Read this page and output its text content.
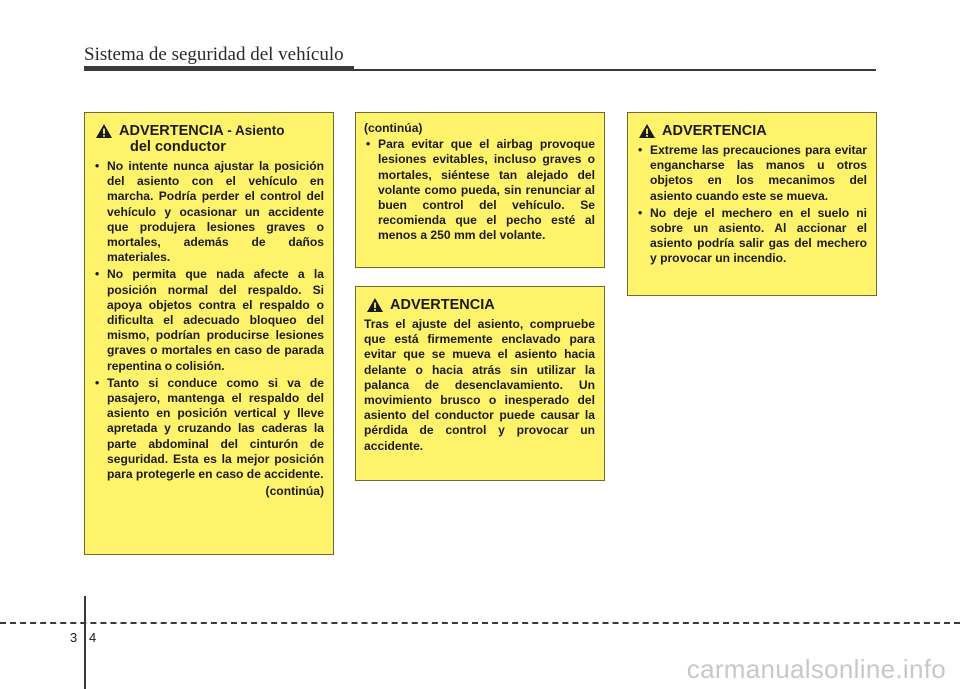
Sistema de seguridad del vehículo
ADVERTENCIA - Asiento
del conductor
• No intente nunca ajustar la posición del asiento con el vehículo en marcha. Podría perder el control del vehículo y ocasionar un accidente que produjera lesiones graves o mortales, además de daños materiales.
• No permita que nada afecte a la posición normal del respaldo. Si apoya objetos contra el respaldo o dificulta el adecuado bloqueo del mismo, podrían producirse lesiones graves o mortales en caso de parada repentina o colisión.
• Tanto si conduce como si va de pasajero, mantenga el respaldo del asiento en posición vertical y lleve apretada y cruzando las caderas la parte abdominal del cinturón de seguridad. Esta es la mejor posición para protegerle en caso de accidente.
(continúa)
(continúa)
• Para evitar que el airbag provoque lesiones evitables, incluso graves o mortales, siéntese tan alejado del volante como pueda, sin renunciar al buen control del vehículo. Se recomienda que el pecho esté al menos a 250 mm del volante.
ADVERTENCIA
Tras el ajuste del asiento, compruebe que está firmemente enclavado para evitar que se mueva el asiento hacia delante o hacia atrás sin utilizar la palanca de desenclavamiento. Un movimiento brusco o inesperado del asiento del conductor puede causar la pérdida de control y provocar un accidente.
ADVERTENCIA
• Extreme las precauciones para evitar engancharse las manos u otros objetos en los mecanimos del asiento cuando este se mueva.
• No deje el mechero en el suelo ni sobre un asiento. Al accionar el asiento podría salir gas del mechero y provocar un incendio.
3 4
carmanualsonline.info
